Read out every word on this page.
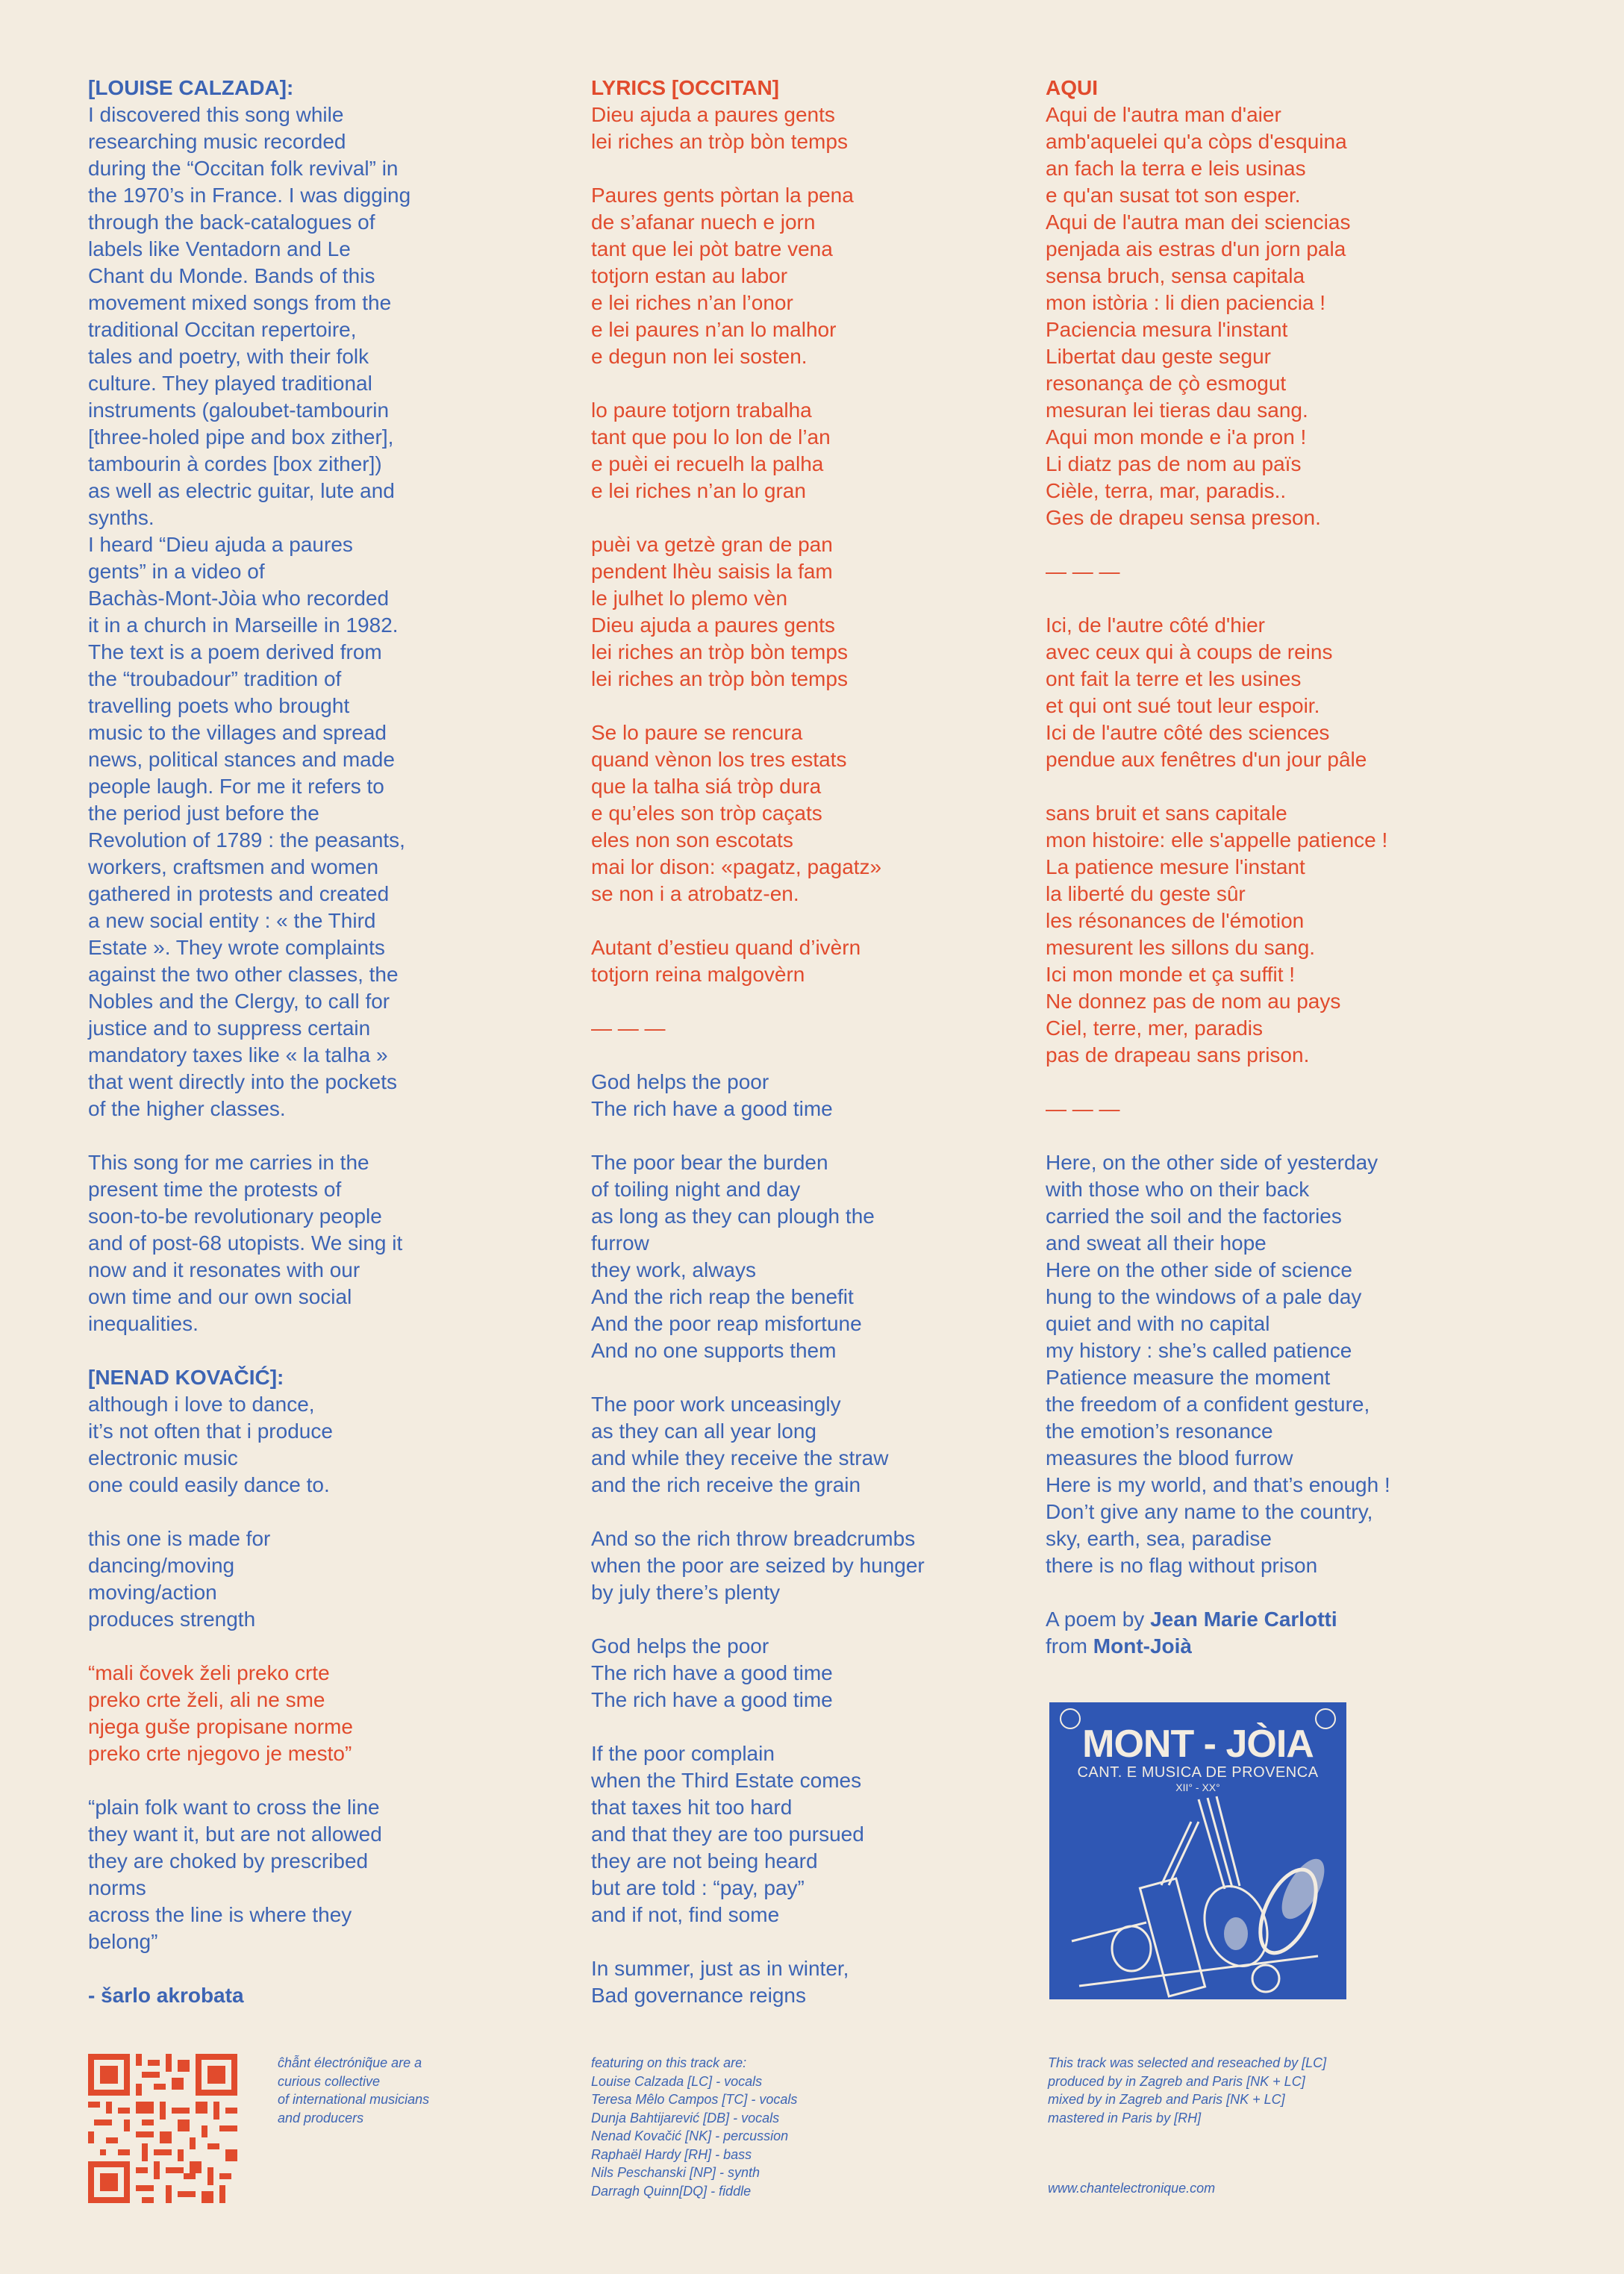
[LOUISE CALZADA]:
I discovered this song while
researching music recorded
during the “Occitan folk revival” in
the 1970’s in France. I was digging
through the back-catalogues of
labels like Ventadorn and Le
Chant du Monde. Bands of this
movement mixed songs from the
traditional Occitan repertoire,
tales and poetry, with their folk
culture. They played traditional
instruments (galoubet-tambourin
[three-holed pipe and box zither],
tambourin à cordes [box zither])
as well as electric guitar, lute and
synths.
I heard “Dieu ajuda a paures
gents” in a video of
Bachàs-Mont-Jòia who recorded
it in a church in Marseille in 1982.
The text is a poem derived from
the “troubadour” tradition of
travelling poets who brought
music to the villages and spread
news, political stances and made
people laugh. For me it refers to
the period just before the
Revolution of 1789 : the peasants,
workers, craftsmen and women
gathered in protests and created
a new social entity : « the Third
Estate ». They wrote complaints
against the two other classes, the
Nobles and the Clergy, to call for
justice and to suppress certain
mandatory taxes like « la talha »
that went directly into the pockets
of the higher classes.
This song for me carries in the
present time the protests of
soon-to-be revolutionary people
and of post-68 utopists. We sing it
now and it resonates with our
own time and our own social
inequalities.
[NENAD KOVAČIĆ]:
although i love to dance,
it’s not often that i produce
electronic music
one could easily dance to.
this one is made for
dancing/moving
moving/action
produces strength
“mali čovek želi preko crte
preko crte želi, ali ne sme
njega guše propisane norme
preko crte njegovo je mesto”
“plain folk want to cross the line
they want it, but are not allowed
they are choked by prescribed
norms
across the line is where they
belong”
- šarlo akrobata
LYRICS [OCCITAN]
Dieu ajuda a paures gents
lei riches an tròp bòn temps
Paures gents pòrtan la pena
de s’afanar nuech e jorn
tant que lei pòt batre vena
totjorn estan au labor
e lei riches n’an l’onor
e lei paures n’an lo malhor
e degun non lei sosten.
lo paure totjorn trabalha
tant que pou lo lon de l’an
e puèi ei recuelh la palha
e lei riches n’an lo gran
puèi va getzè gran de pan
pendent lhèu saisis la fam
le julhet lo plemo vèn
Dieu ajuda a paures gents
lei riches an tròp bòn temps
lei riches an tròp bòn temps
Se lo paure se rencura
quand vènon los tres estats
que la talha siá tròp dura
e qu’eles son tròp caçats
eles non son escotats
mai lor dison: «pagatz, pagatz»
se non i a atrobatz-en.
Autant d’estieu quand d’ivèrn
totjorn reina malgovèrn
— — —
God helps the poor
The rich have a good time
The poor bear the burden
of toiling night and day
as long as they can plough the
furrow
they work, always
And the rich reap the benefit
And the poor reap misfortune
And no one supports them
The poor work unceasingly
as they can all year long
and while they receive the straw
and the rich receive the grain
And so the rich throw breadcrumbs
when the poor are seized by hunger
by july there’s plenty
God helps the poor
The rich have a good time
The rich have a good time
If the poor complain
when the Third Estate comes
that taxes hit too hard
and that they are too pursued
they are not being heard
but are told : “pay, pay”
and if not, find some
In summer, just as in winter,
Bad governance reigns
AQUI
Aqui de l'autra man d'aier
amb'aquelei qu'a còps d'esquina
an fach la terra e leis usinas
e qu'an susat tot son esper.
Aqui de l'autra man dei sciencias
penjada ais estras d'un jorn pala
sensa bruch, sensa capitala
mon istòria : li dien paciencia !
Paciencia mesura l'instant
Libertat dau geste segur
resonança de çò esmogut
mesuran lei tieras dau sang.
Aqui mon monde e i'a pron !
Li diatz pas de nom au païs
Cièle, terra, mar, paradis..
Ges de drapeu sensa preson.
— — —
Ici, de l'autre côté d'hier
avec ceux qui à coups de reins
ont fait la terre et les usines
et qui ont sué tout leur espoir.
Ici de l'autre côté des sciences
pendue aux fenêtres d'un jour pâle
sans bruit et sans capitale
mon histoire: elle s'appelle patience !
La patience mesure l'instant
la liberté du geste sûr
les résonances de l'émotion
mesurent les sillons du sang.
Ici mon monde et ça suffit !
Ne donnez pas de nom au pays
Ciel, terre, mer, paradis
pas de drapeau sans prison.
— — —
Here, on the other side of yesterday
with those who on their back
carried the soil and the factories
and sweat all their hope
Here on the other side of science
hung to the windows of a pale day
quiet and with no capital
my history : she’s called patience
Patience measure the moment
the freedom of a confident gesture,
the emotion’s resonance
measures the blood furrow
Here is my world, and that’s enough !
Don’t give any name to the country,
sky, earth, sea, paradise
there is no flag without prison
A poem by Jean Marie Carlotti
from Mont-Joià
MONT - JÒIA
CANT. E MUSICA DE PROVENCA
XII° - XX°
ĉhẫnt électróniq̃ue are a
curious collective
of international musicians
and producers
featuring on this track are:
Louise Calzada [LC] - vocals
Teresa Mêlo Campos [TC] - vocals
Dunja Bahtijarević [DB] - vocals
Nenad Kovačić [NK] - percussion
Raphaël Hardy [RH] - bass
Nils Peschanski [NP] - synth
Darragh Quinn[DQ] - fiddle
This track was selected and reseached by [LC]
produced by in Zagreb and Paris [NK + LC]
mixed by in Zagreb and Paris [NK + LC]
mastered in Paris by [RH]
www.chantelectronique.com
